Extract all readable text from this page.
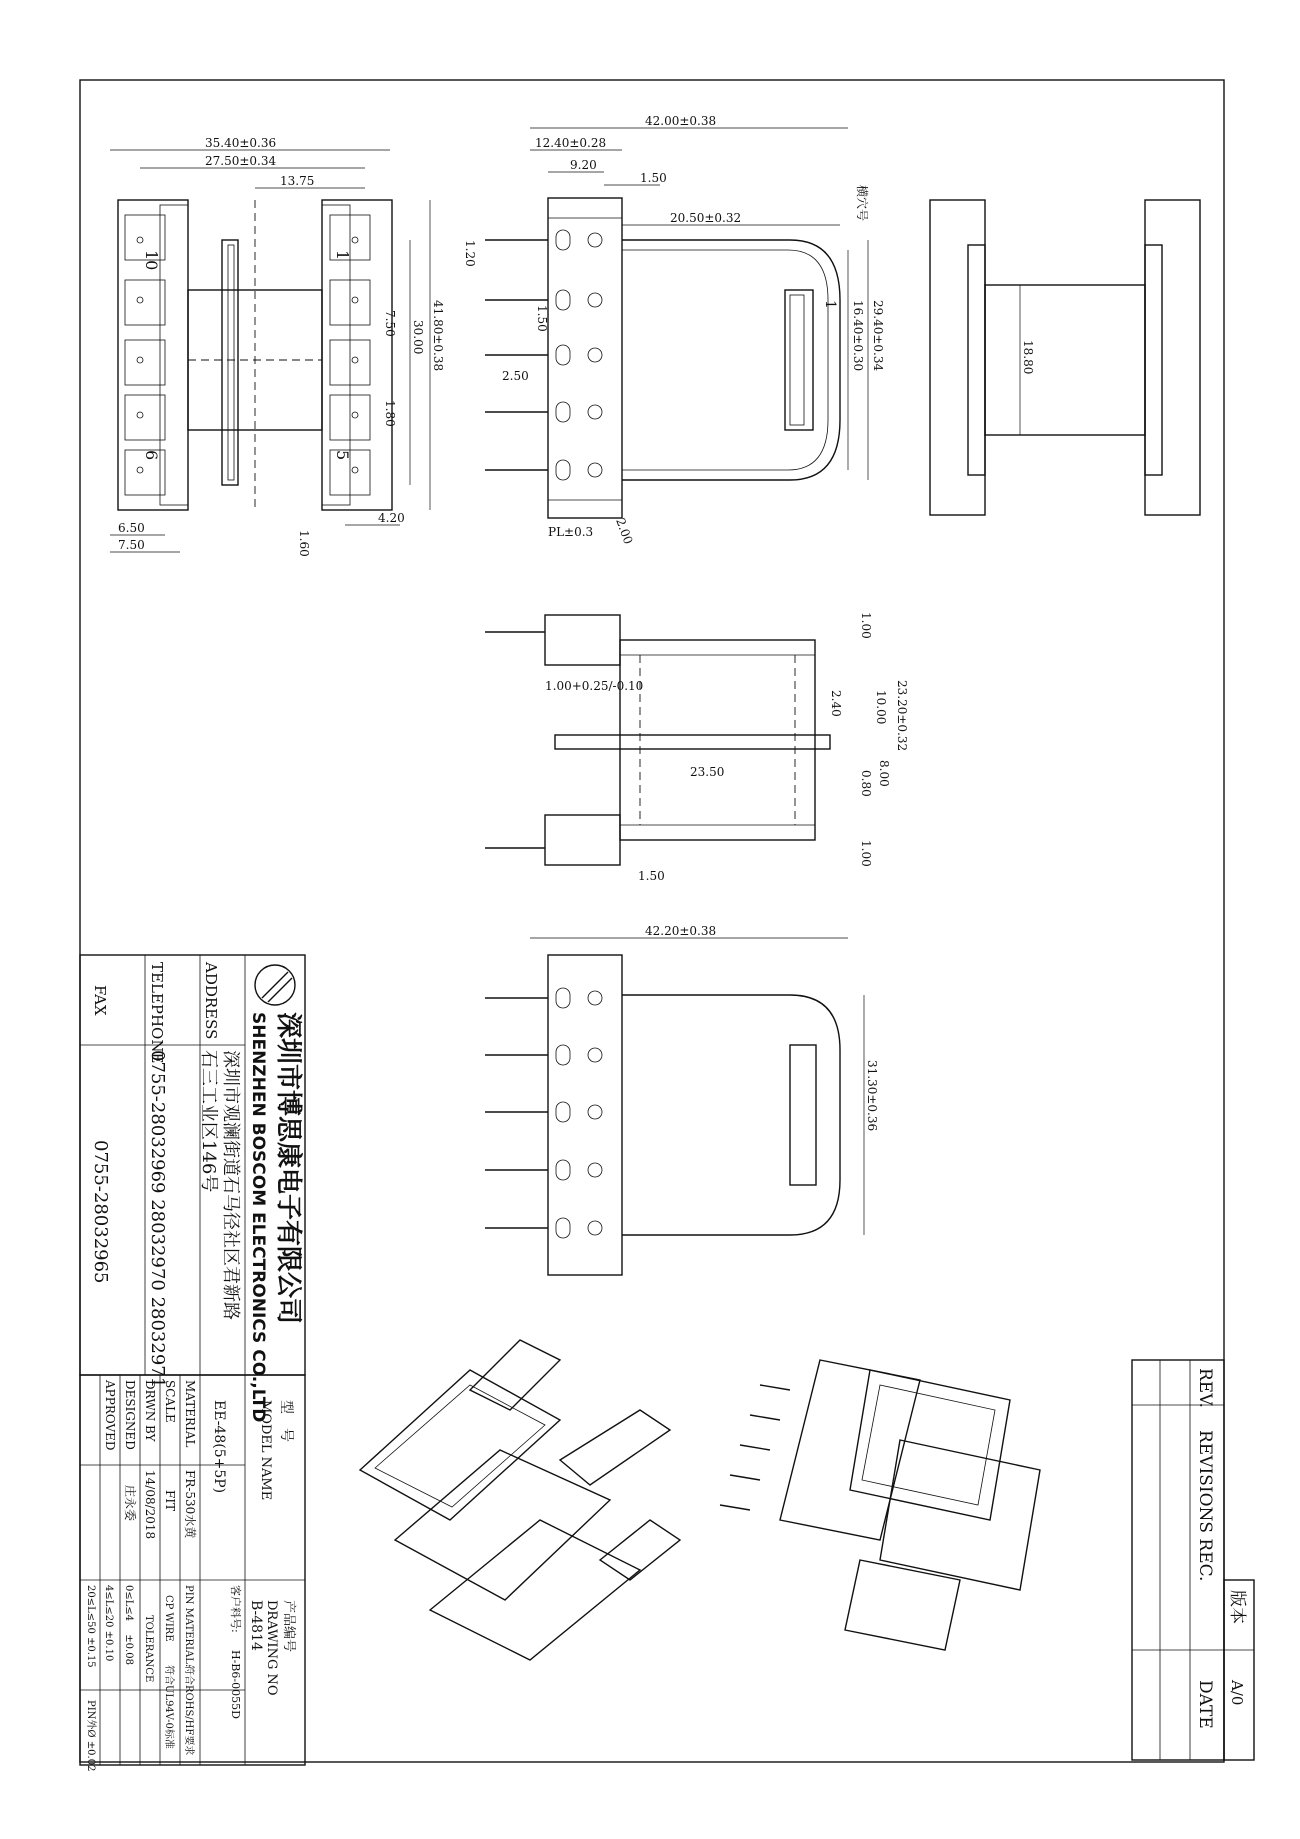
10	1
6	5
35.40±0.36
27.50±0.34
13.75
41.80±0.38
30.00
7.50
1.80
6.50
7.50
4.20
1.60
42.00±0.38
12.40±0.28
9.20
1.50
20.50±0.32
1.20
1.50
2.50
16.40±0.30 29.40±0.34
PL±0.3 2.00
横穴号
1
18.80
1.00
1.00+0.25/-0.10
2.40	10.00 23.20±0.32
23.50	0.80 8.00
1.00
1.50
42.20±0.38
31.30±0.36
深圳市博思康电子有限公司
SHENZHEN BOSCOM ELECTRONICS CO.,LTD
ADDRESS
深圳市观澜街道石马径社区君新路
石三工业区146号
TELEPHONE
0755-28032969 28032970 28032971
FAX
0755-28032965
型　号
MODEL NAME
EE-48(5+5P)
产品编号
DRAWING NO
B-4814
MATERIAL
FR-530水黄
客户料号:
H-B6-0055D
PIN MATERIAL:
符合ROHS/HF要求
SCALE
FIT
CP WIRE
符合UL94V-0标准
DRWN BY
14/08/2018
TOLERANCE
DESIGNED
庄永委
0≤L≤4　 ±0.08
APPROVED
4≤L≤20 ±0.10
20≤L≤50 ±0.15
PIN外Ø ±0.02
REV.
REVISIONS REC.
DATE
版本
A/0
